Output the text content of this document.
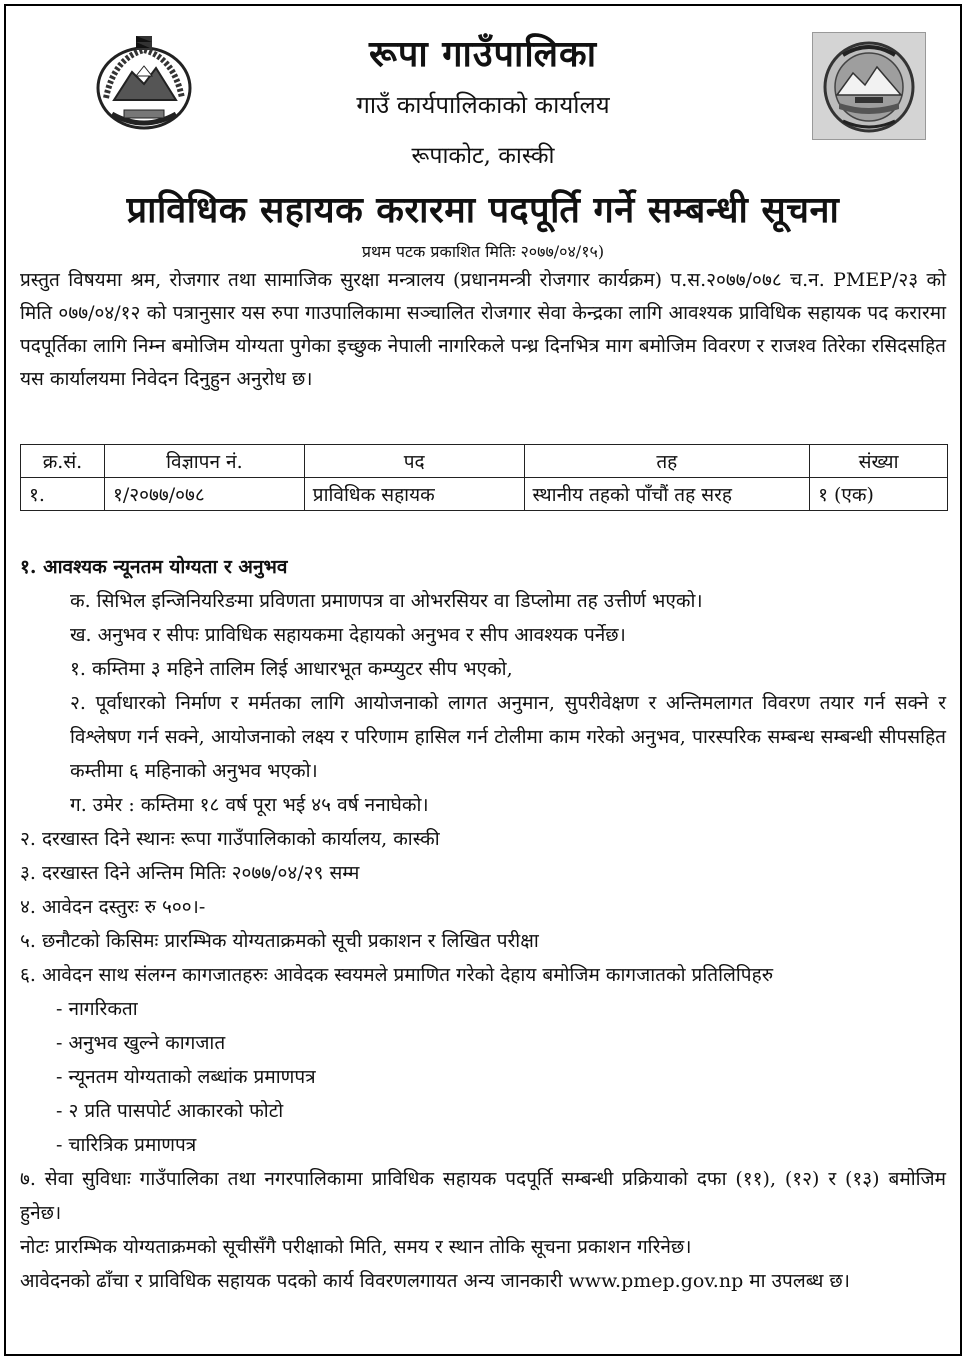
रूपा गाउँपालिका
गाउँ कार्यपालिकाको कार्यालय
रूपाकोट, कास्की
प्राविधिक सहायक करारमा पदपूर्ति गर्ने सम्बन्धी सूचना
प्रथम पटक प्रकाशित मितिः २०७७/०४/१५)
प्रस्तुत विषयमा श्रम, रोजगार तथा सामाजिक सुरक्षा मन्त्रालय (प्रधानमन्त्री रोजगार कार्यक्रम) प.स.२०७७/०७८ च.न. PMEP/२३ को मिति ०७७/०४/१२ को पत्रानुसार यस रुपा गाउपालिकामा सञ्चालित रोजगार सेवा केन्द्रका लागि आवश्यक प्राविधिक सहायक पद करारमा पदपूर्तिका लागि निम्न बमोजिम योग्यता पुगेका इच्छुक नेपाली नागरिकले पन्ध्र दिनभित्र माग बमोजिम विवरण र राजश्व तिरेका रसिदसहित यस कार्यालयमा निवेदन दिनुहुन अनुरोध छ।
क्र.सं.	विज्ञापन नं.	पद	तह	संख्या
१.	१/२०७७/०७८	प्राविधिक सहायक	स्थानीय तहको पाँचौं तह सरह	१ (एक)
१. आवश्यक न्यूनतम योग्यता र अनुभव
क. सिभिल इन्जिनियरिङमा प्रविणता प्रमाणपत्र वा ओभरसियर वा डिप्लोमा तह उत्तीर्ण भएको।
ख. अनुभव र सीपः प्राविधिक सहायकमा देहायको अनुभव र सीप आवश्यक पर्नेछ।
१. कम्तिमा ३ महिने तालिम लिई आधारभूत कम्प्युटर सीप भएको,
२. पूर्वाधारको निर्माण र मर्मतका लागि आयोजनाको लागत अनुमान, सुपरीवेक्षण र अन्तिमलागत विवरण तयार गर्न सक्ने र विश्लेषण गर्न सक्ने, आयोजनाको लक्ष्य र परिणाम हासिल गर्न टोलीमा काम गरेको अनुभव, पारस्परिक सम्बन्ध सम्बन्धी सीपसहित कम्तीमा ६ महिनाको अनुभव भएको।
ग. उमेर : कम्तिमा १८ वर्ष पूरा भई ४५ वर्ष ननाघेको।
२. दरखास्त दिने स्थानः रूपा गाउँपालिकाको कार्यालय, कास्की
३. दरखास्त दिने अन्तिम मितिः २०७७/०४/२९ सम्म
४. आवेदन दस्तुरः रु ५००।-
५. छनौटको किसिमः प्रारम्भिक योग्यताक्रमको सूची प्रकाशन र लिखित परीक्षा
६. आवेदन साथ संलग्न कागजातहरुः आवेदक स्वयमले प्रमाणित गरेको देहाय बमोजिम कागजातको प्रतिलिपिहरु
- नागरिकता
- अनुभव खुल्ने कागजात
- न्यूनतम योग्यताको लब्धांक प्रमाणपत्र
- २ प्रति पासपोर्ट आकारको फोटो
- चारित्रिक प्रमाणपत्र
७. सेवा सुविधाः गाउँपालिका तथा नगरपालिकामा प्राविधिक सहायक पदपूर्ति सम्बन्धी प्रक्रियाको दफा (११), (१२) र (१३) बमोजिम हुनेछ।
नोटः प्रारम्भिक योग्यताक्रमको सूचीसँगै परीक्षाको मिति, समय र स्थान तोकि सूचना प्रकाशन गरिनेछ।
आवेदनको ढाँचा र प्राविधिक सहायक पदको कार्य विवरणलगायत अन्य जानकारी www.pmep.gov.np मा उपलब्ध छ।
